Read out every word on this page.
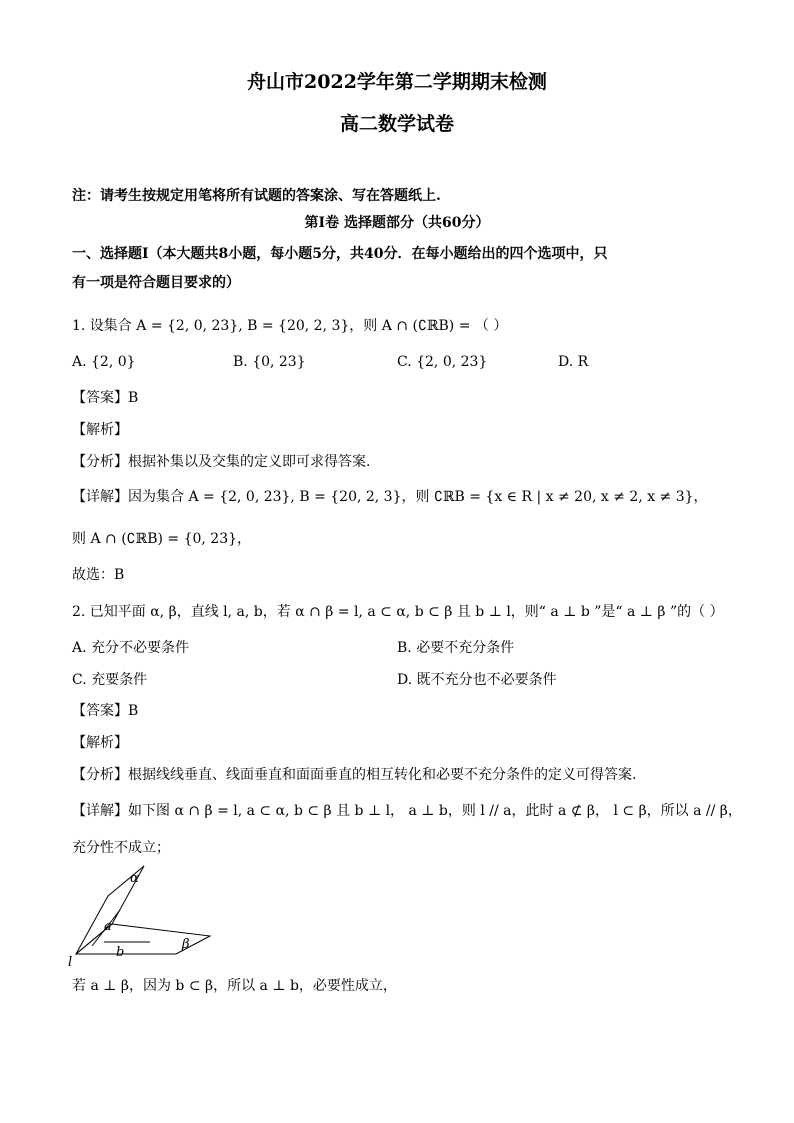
舟山市2022学年第二学期期末检测
高二数学试卷
注：请考生按规定用笔将所有试题的答案涂、写在答题纸上.
第Ⅰ卷 选择题部分（共60分）
一、选择题Ⅰ（本大题共8小题，每小题5分，共40分．在每小题给出的四个选项中，只
有一项是符合题目要求的）
1. 设集合 A = {2, 0, 23}, B = {20, 2, 3}，则 A ∩ (∁ℝB) = （ ）
A. {2, 0}	B. {0, 23}	C. {2, 0, 23}	D. R
【答案】B
【解析】
【分析】根据补集以及交集的定义即可求得答案.
【详解】因为集合 A = {2, 0, 23}, B = {20, 2, 3}，则 ∁ℝB = {x ∈ R | x ≠ 20, x ≠ 2, x ≠ 3}，
则 A ∩ (∁ℝB) = {0, 23}，
故选：B
2. 已知平面 α, β，直线 l, a, b，若 α ∩ β = l, a ⊂ α, b ⊂ β 且 b ⊥ l，则“ a ⊥ b ”是“ a ⊥ β ”的（ ）
A. 充分不必要条件	B. 必要不充分条件
C. 充要条件	D. 既不充分也不必要条件
【答案】B
【解析】
【分析】根据线线垂直、线面垂直和面面垂直的相互转化和必要不充分条件的定义可得答案.
【详解】如下图 α ∩ β = l, a ⊂ α, b ⊂ β 且 b ⊥ l， a ⊥ b，则 l // a，此时 a ⊄ β， l ⊂ β，所以 a // β，
充分性不成立；
α
a
b
β
l
若 a ⊥ β，因为 b ⊂ β，所以 a ⊥ b，必要性成立，
